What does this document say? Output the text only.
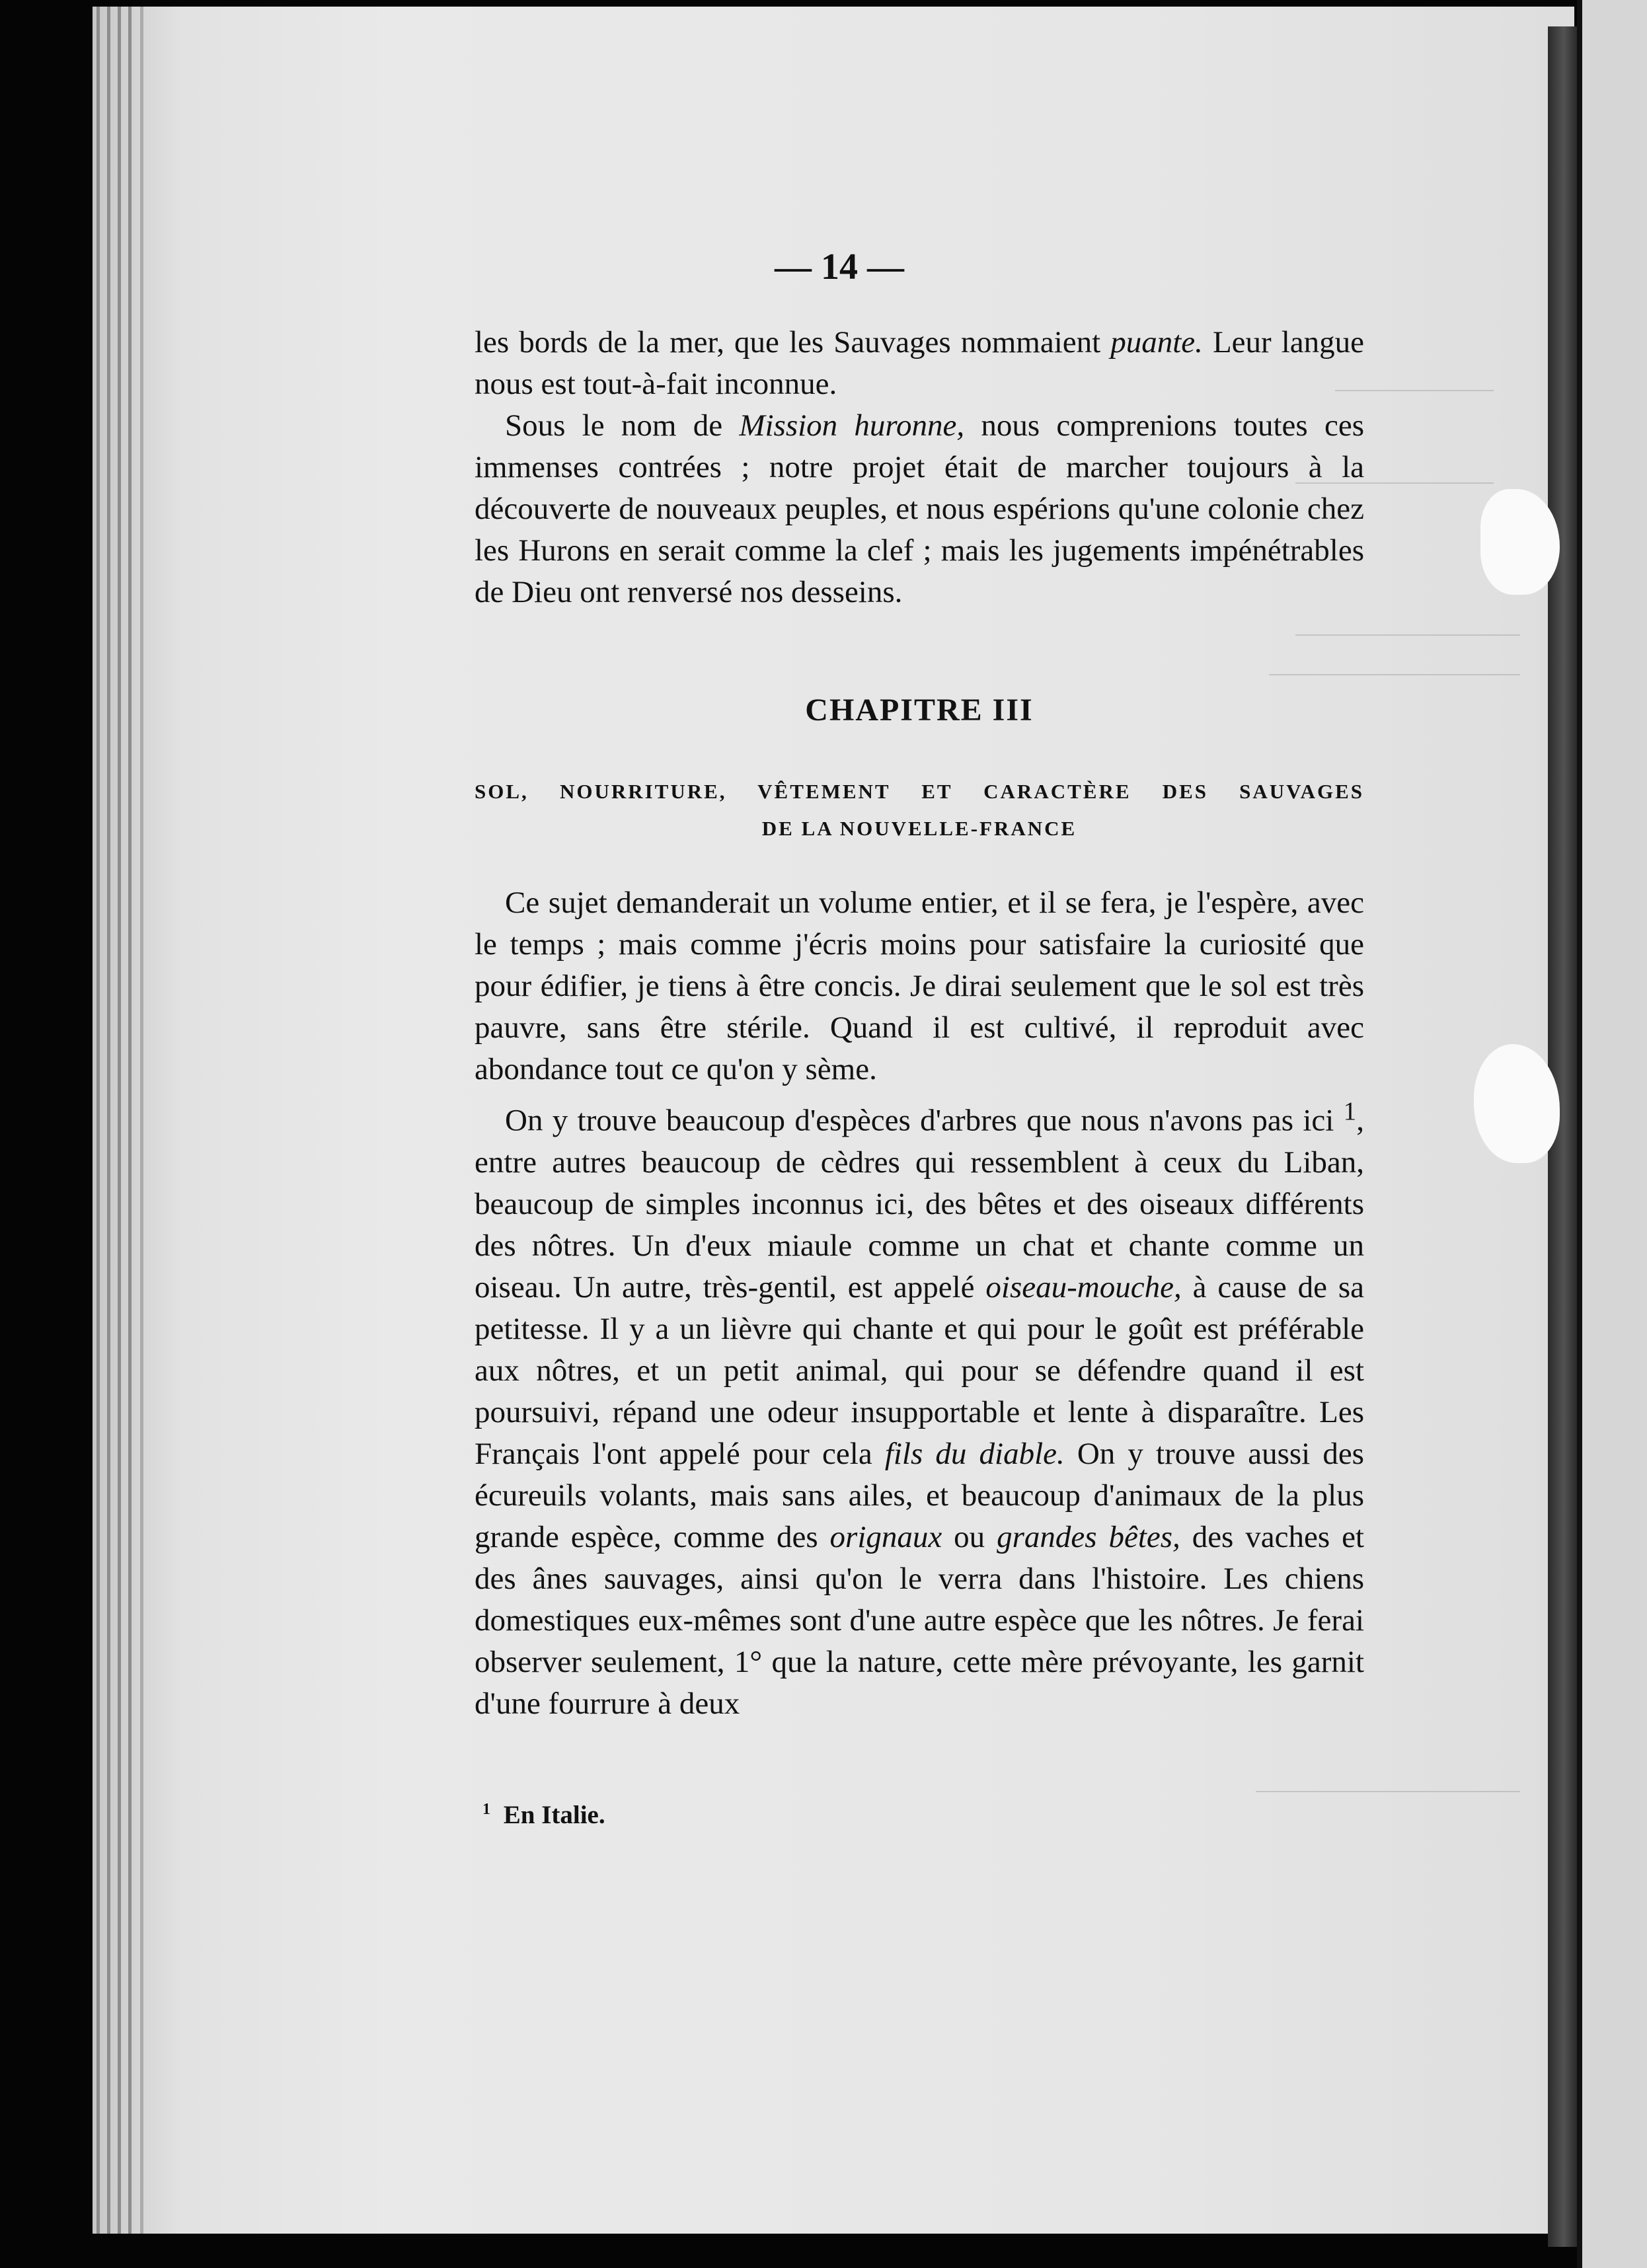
— 14 —

les bords de la mer, que les Sauvages nommaient puante. Leur langue nous est tout-à-fait inconnue.

Sous le nom de Mission huronne, nous comprenions toutes ces immenses contrées ; notre projet était de marcher toujours à la découverte de nouveaux peuples, et nous espérions qu'une colonie chez les Hurons en serait comme la clef ; mais les jugements impénétrables de Dieu ont renversé nos desseins.

CHAPITRE III
SOL, NOURRITURE, VÊTEMENT ET CARACTÈRE DES SAUVAGES
DE LA NOUVELLE-FRANCE

Ce sujet demanderait un volume entier, et il se fera, je l'espère, avec le temps ; mais comme j'écris moins pour satisfaire la curiosité que pour édifier, je tiens à être concis. Je dirai seulement que le sol est très pauvre, sans être stérile. Quand il est cultivé, il reproduit avec abondance tout ce qu'on y sème.

On y trouve beaucoup d'espèces d'arbres que nous n'avons pas ici $^1$, entre autres beaucoup de cèdres qui ressemblent à ceux du Liban, beaucoup de simples inconnus ici, des bêtes et des oiseaux différents des nôtres. Un d'eux miaule comme un chat et chante comme un oiseau. Un autre, très-gentil, est appelé oiseau-mouche, à cause de sa petitesse. Il y a un lièvre qui chante et qui pour le goût est préférable aux nôtres, et un petit animal, qui pour se défendre quand il est poursuivi, répand une odeur insupportable et lente à disparaître. Les Français l'ont appelé pour cela fils du diable. On y trouve aussi des écureuils volants, mais sans ailes, et beaucoup d'animaux de la plus grande espèce, comme des orignaux ou grandes bêtes, des vaches et des ânes sauvages, ainsi qu'on le verra dans l'histoire. Les chiens domestiques eux-mêmes sont d'une autre espèce que les nôtres. Je ferai observer seulement, 1° que la nature, cette mère prévoyante, les garnit d'une fourrure à deux

$^1$ En Italie.
